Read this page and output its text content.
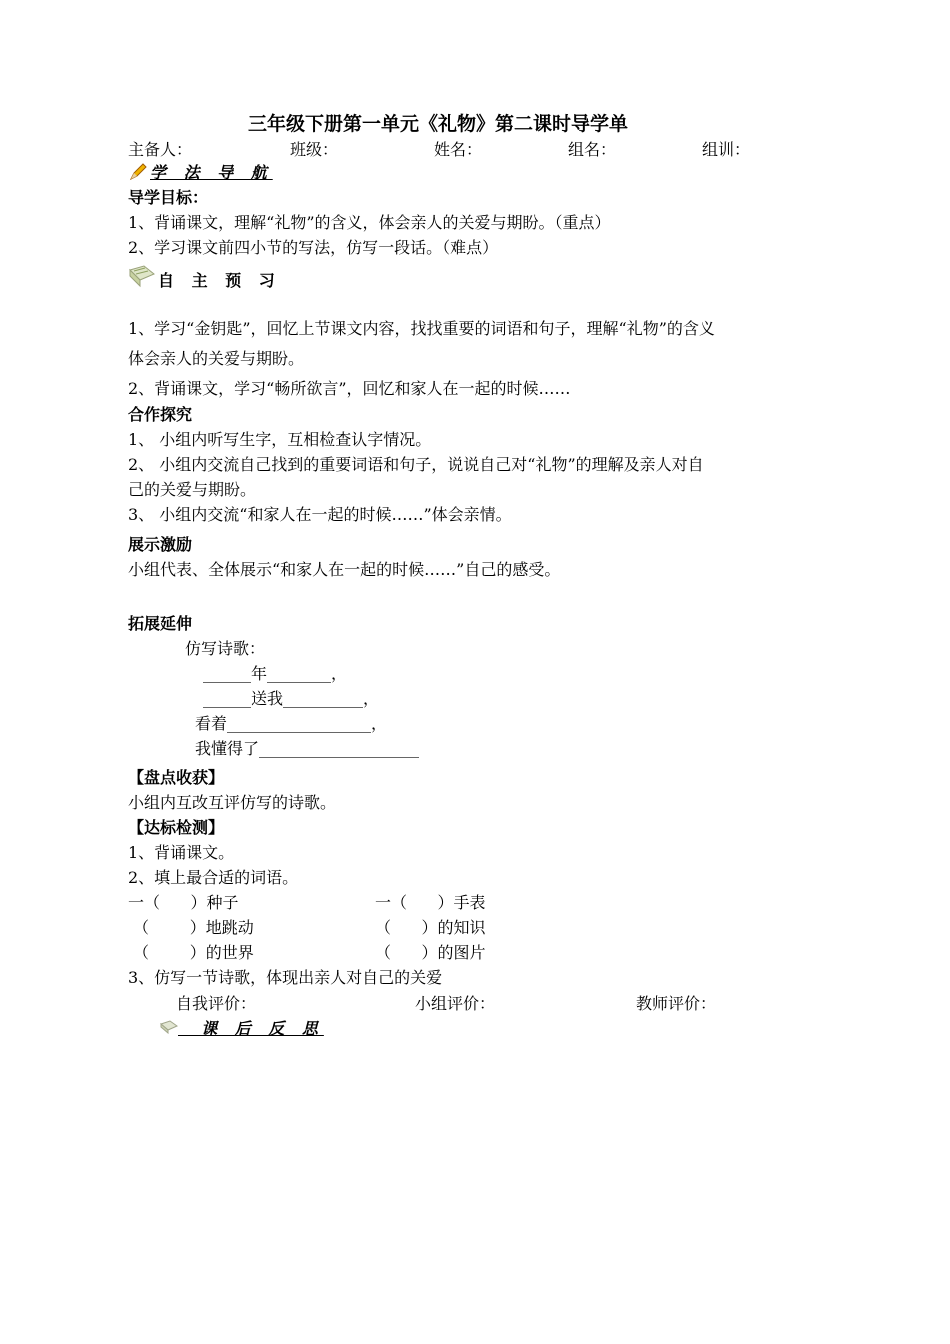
三年级下册第一单元《礼物》第二课时导学单
主备人：	班级：	姓名：	组名：	组训：
学 法 导 航
导学目标：
1、背诵课文，理解“礼物”的含义，体会亲人的关爱与期盼。（重点）
2、学习课文前四小节的写法，仿写一段话。（难点）
自 主 预 习
1、学习“金钥匙”，回忆上节课文内容，找找重要的词语和句子，理解“礼物”的含义
体会亲人的关爱与期盼。
2、背诵课文，学习“畅所欲言”，回忆和家人在一起的时候……
合作探究
1、 小组内听写生字，互相检查认字情况。
2、 小组内交流自己找到的重要词语和句子，说说自己对“礼物”的理解及亲人对自
己的关爱与期盼。
3、 小组内交流“和家人在一起的时候……”体会亲情。
展示激励
小组代表、全体展示“和家人在一起的时候……”自己的感受。
拓展延伸
仿写诗歌：
______年________，
______送我__________，
看着__________________，
我懂得了____________________
【盘点收获】
小组内互改互评仿写的诗歌。
【达标检测】
1、背诵课文。
2、填上最合适的词语。
一（      ）种子	一（      ）手表
（        ）地跳动	（      ）的知识
（        ）的世界	（      ）的图片
3、仿写一节诗歌，体现出亲人对自己的关爱
自我评价：	小组评价：	教师评价：
课 后 反 思
